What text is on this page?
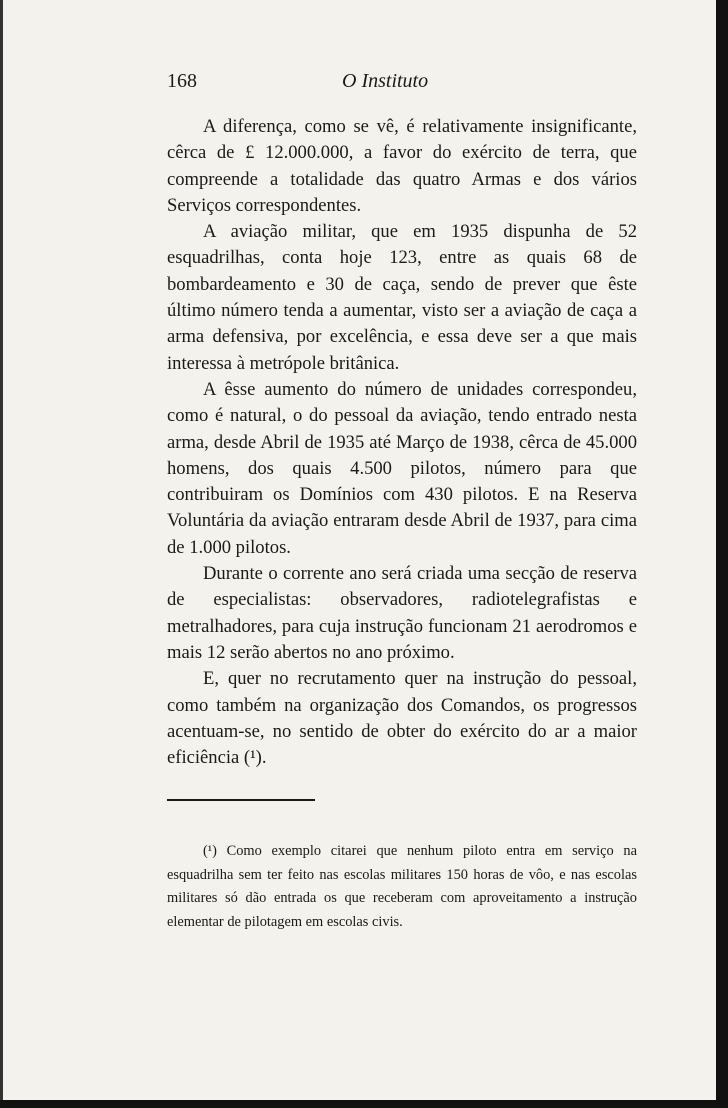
168	O Instituto

A diferença, como se vê, é relativamente insignificante, cêrca de £ 12.000.000, a favor do exército de terra, que compreende a totalidade das quatro Armas e dos vários Serviços correspondentes.

A aviação militar, que em 1935 dispunha de 52 esquadrilhas, conta hoje 123, entre as quais 68 de bombardeamento e 30 de caça, sendo de prever que êste último número tenda a aumentar, visto ser a aviação de caça a arma defensiva, por excelência, e essa deve ser a que mais interessa à metrópole britânica.

A êsse aumento do número de unidades correspondeu, como é natural, o do pessoal da aviação, tendo entrado nesta arma, desde Abril de 1935 até Março de 1938, cêrca de 45.000 homens, dos quais 4.500 pilotos, número para que contribuiram os Domínios com 430 pilotos. E na Reserva Voluntária da aviação entraram desde Abril de 1937, para cima de 1.000 pilotos.

Durante o corrente ano será criada uma secção de reserva de especialistas: observadores, radiotelegrafistas e metralhadores, para cuja instrução funcionam 21 aerodromos e mais 12 serão abertos no ano próximo.

E, quer no recrutamento quer na instrução do pessoal, como também na organização dos Comandos, os progressos acentuam-se, no sentido de obter do exército do ar a maior eficiência (¹).

(¹) Como exemplo citarei que nenhum piloto entra em serviço na esquadrilha sem ter feito nas escolas militares 150 horas de vôo, e nas escolas militares só dão entrada os que receberam com aproveitamento a instrução elementar de pilotagem em escolas civis.
